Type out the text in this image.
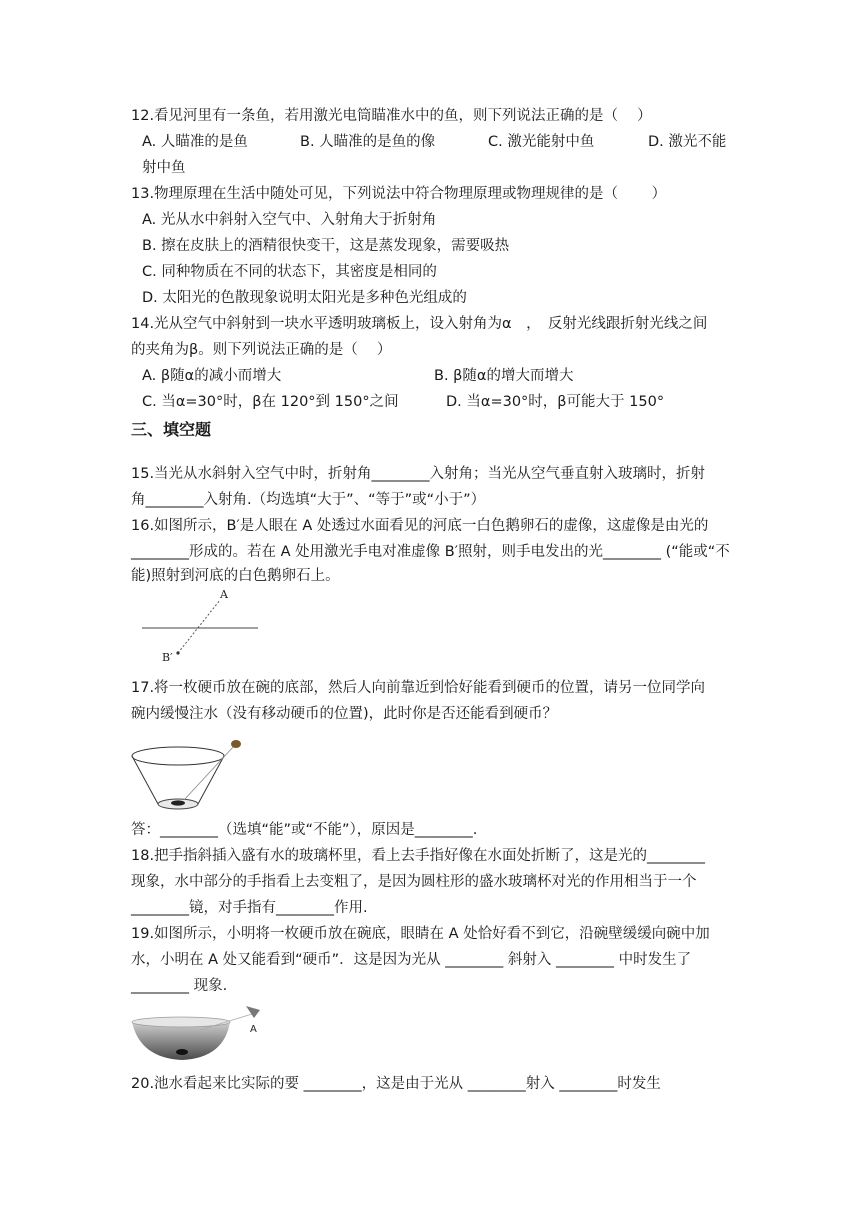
12.看见河里有一条鱼，若用激光电筒瞄准水中的鱼，则下列说法正确的是（　 ）
A. 人瞄准的是鱼	B. 人瞄准的是鱼的像	C. 激光能射中鱼	D. 激光不能
射中鱼
13.物理原理在生活中随处可见，下列说法中符合物理原理或物理规律的是（　　 ）
A. 光从水中斜射入空气中、入射角大于折射角
B. 擦在皮肤上的酒精很快变干，这是蒸发现象，需要吸热
C. 同种物质在不同的状态下，其密度是相同的
D. 太阳光的色散现象说明太阳光是多种色光组成的
14.光从空气中斜射到一块水平透明玻璃板上，设入射角为α　，　反射光线跟折射光线之间
的夹角为β。则下列说法正确的是（　 ）
A. β随α的减小而增大	B. β随α的增大而增大
C. 当α=30°时，β在 120°到 150°之间	D. 当α=30°时，β可能大于 150°
三、填空题
15.当光从水斜射入空气中时，折射角________入射角；当光从空气垂直射入玻璃时，折射
角________入射角.（均选填“大于”、“等于”或“小于”）
16.如图所示，B′是人眼在 A 处透过水面看见的河底一白色鹅卵石的虚像，这虚像是由光的
________形成的。若在 A 处用激光手电对准虚像 B′照射，则手电发出的光________ (“能或“不
能)照射到河底的白色鹅卵石上。
A
B′
17.将一枚硬币放在碗的底部，然后人向前靠近到恰好能看到硬币的位置，请另一位同学向
碗内缓慢注水（没有移动硬币的位置)，此时你是否还能看到硬币？
答：________（选填“能”或“不能”），原因是________.
18.把手指斜插入盛有水的玻璃杯里，看上去手指好像在水面处折断了，这是光的________
现象，水中部分的手指看上去变粗了，是因为圆柱形的盛水玻璃杯对光的作用相当于一个
________镜，对手指有________作用.
19.如图所示，小明将一枚硬币放在碗底，眼睛在 A 处恰好看不到它，沿碗壁缓缓向碗中加
水，小明在 A 处又能看到“硬币”．这是因为光从 ________ 斜射入 ________ 中时发生了
________ 现象.
A
20.池水看起来比实际的要 ________，这是由于光从 ________射入 ________时发生
